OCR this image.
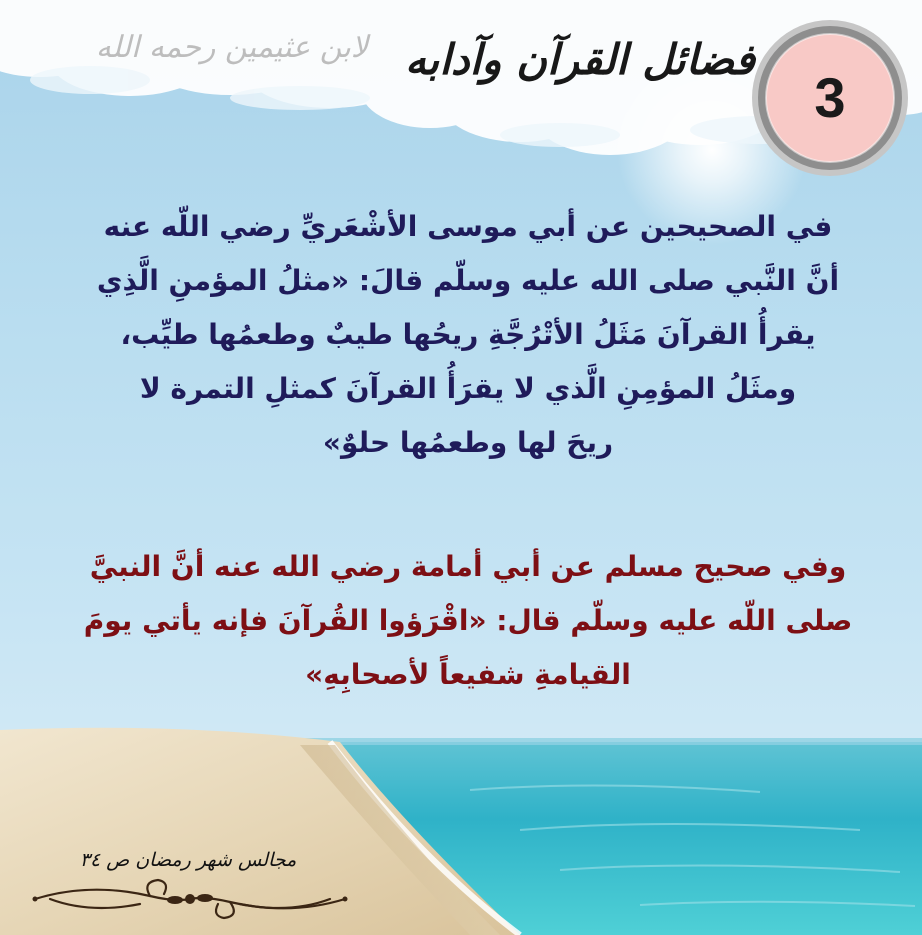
فضائل القرآن وآدابه

لابن عثيمين رحمه الله

3
في الصحيحين عن أبي موسى الأشْعَريِّ رضي اللّه عنه
أنَّ النَّبي صلى الله عليه وسلّم قالَ: «مثلُ المؤمنِ الَّذِي
يقرأُ القرآنَ مَثَلُ الأتْرُجَّةِ ريحُها طيبٌ وطعمُها طيِّب،
ومثَلُ المؤمِنِ الَّذي لا يقرَأُ القرآنَ كمثلِ التمرة لا
ريحَ لها وطعمُها حلوٌ»
وفي صحيح مسلم عن أبي أمامة رضي الله عنه أنَّ النبيَّ
صلى اللّه عليه وسلّم قال: «اقْرَؤوا القُرآنَ فإنه يأتي يومَ
القيامةِ شفيعاً لأصحابِهِ»

مجالس شهر رمضان ص ٣٤
